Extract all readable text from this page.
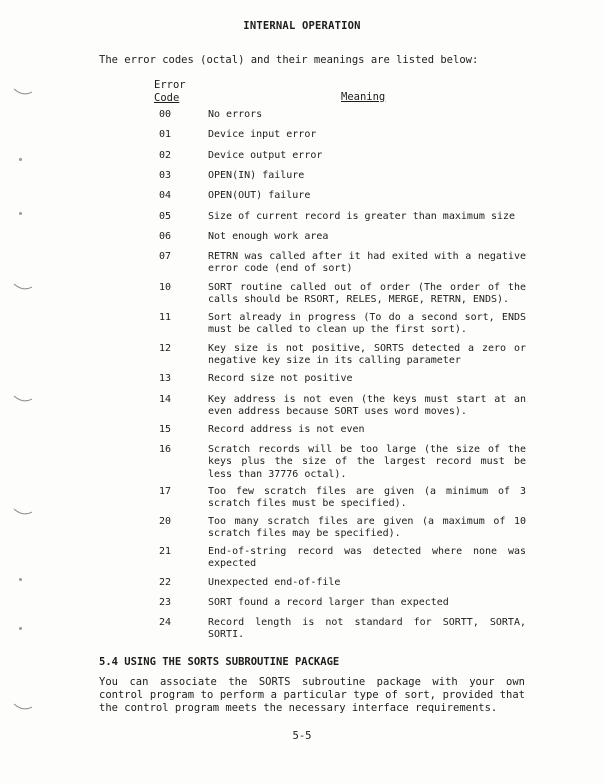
INTERNAL OPERATION
The error codes (octal) and their meanings are listed below:
Error
Code	Meaning
00	No errors
01	Device input error
02	Device output error
03	OPEN(IN) failure
04	OPEN(OUT) failure
05	Size of current record is greater than maximum size
06	Not enough work area
07	RETRN was called after it had exited with a negative error code (end of sort)
10	SORT routine called out of order (The order of the calls should be RSORT, RELES, MERGE, RETRN, ENDS).
11	Sort already in progress (To do a second sort, ENDS must be called to clean up the first sort).
12	Key size is not positive, SORTS detected a zero or negative key size in its calling parameter
13	Record size not positive
14	Key address is not even (the keys must start at an even address because SORT uses word moves).
15	Record address is not even
16	Scratch records will be too large (the size of the keys plus the size of the largest record must be less than 37776 octal).
17	Too few scratch files are given (a minimum of 3 scratch files must be specified).
20	Too many scratch files are given (a maximum of 10 scratch files may be specified).
21	End-of-string record was detected where none was expected
22	Unexpected end-of-file
23	SORT found a record larger than expected
24	Record length is not standard for SORTT, SORTA, SORTI.
5.4 USING THE SORTS SUBROUTINE PACKAGE
You can associate the SORTS subroutine package with your own control program to perform a particular type of sort, provided that the control program meets the necessary interface requirements.
5-5
